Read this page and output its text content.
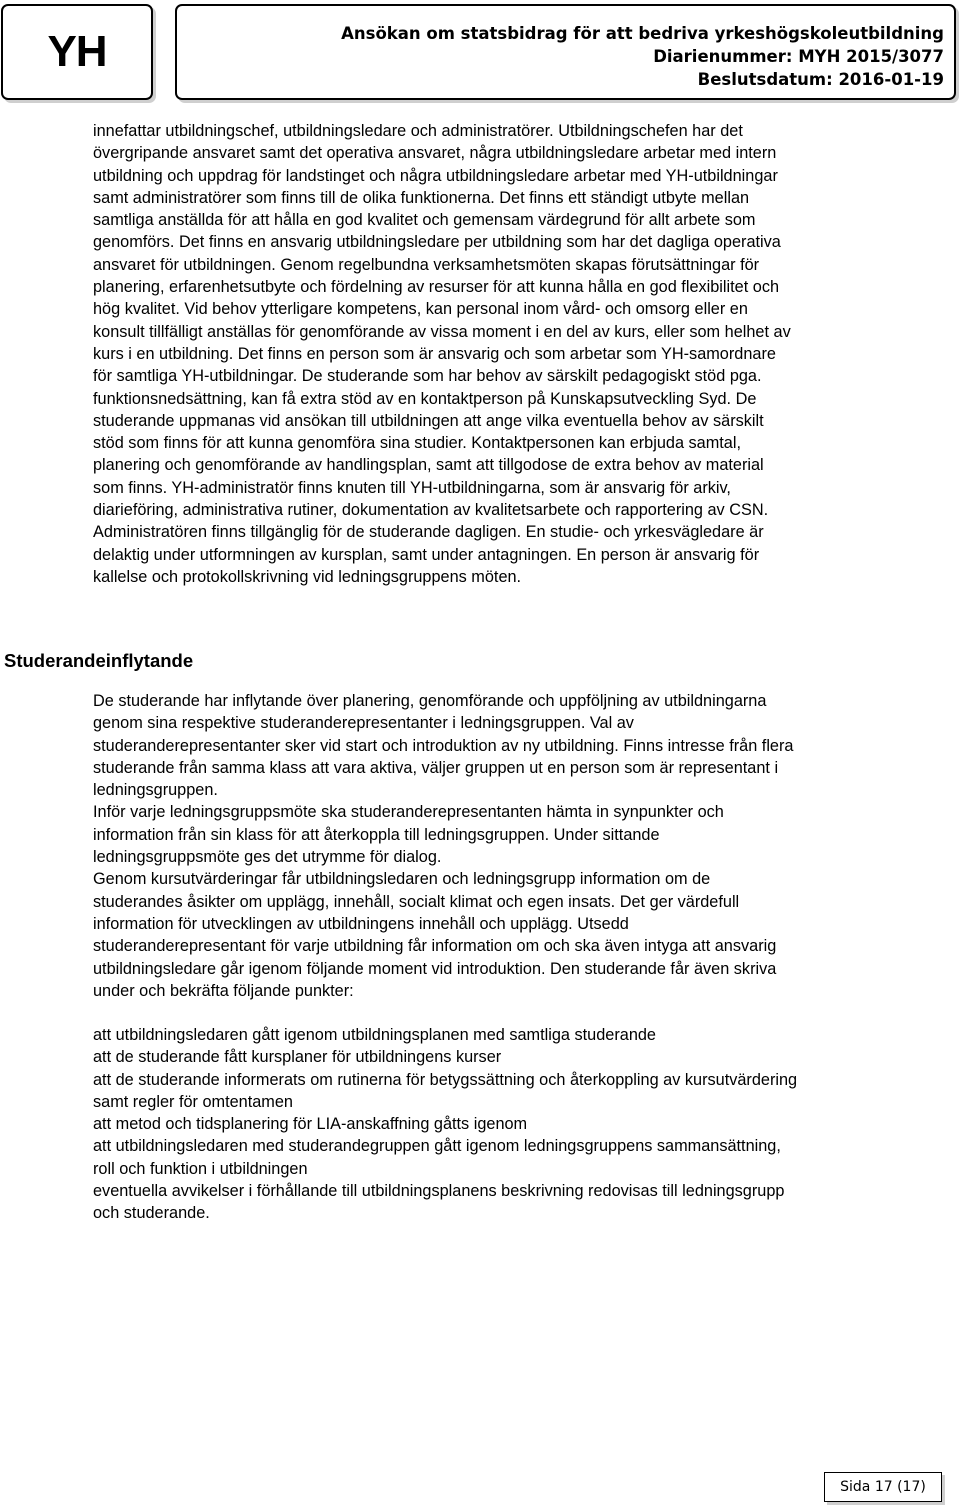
YH	Ansökan om statsbidrag för att bedriva yrkeshögskoleutbildning
Diarienummer: MYH 2015/3077
Beslutsdatum: 2016-01-19

innefattar utbildningschef, utbildningsledare och administratörer. Utbildningschefen har det

övergripande ansvaret samt det operativa ansvaret, några utbildningsledare arbetar med intern

utbildning och uppdrag för landstinget och några utbildningsledare arbetar med YH-utbildningar

samt administratörer som finns till de olika funktionerna. Det finns ett ständigt utbyte mellan

samtliga anställda för att hålla en god kvalitet och gemensam värdegrund för allt arbete som

genomförs. Det finns en ansvarig utbildningsledare per utbildning som har det dagliga operativa

ansvaret för utbildningen. Genom regelbundna verksamhetsmöten skapas förutsättningar för

planering, erfarenhetsutbyte och fördelning av resurser för att kunna hålla en god flexibilitet och

hög kvalitet. Vid behov ytterligare kompetens, kan personal inom vård- och omsorg eller en

konsult tillfälligt anställas för genomförande av vissa moment i en del av kurs, eller som helhet av

kurs i en utbildning. Det finns en person som är ansvarig och som arbetar som YH-samordnare

för samtliga YH-utbildningar. De studerande som har behov av särskilt pedagogiskt stöd pga.

funktionsnedsättning, kan få extra stöd av en kontaktperson på Kunskapsutveckling Syd. De

studerande uppmanas vid ansökan till utbildningen att ange vilka eventuella behov av särskilt

stöd som finns för att kunna genomföra sina studier. Kontaktpersonen kan erbjuda samtal,

planering och genomförande av handlingsplan, samt att tillgodose de extra behov av material

som finns. YH-administratör finns knuten till YH-utbildningarna, som är ansvarig för arkiv,

diarieföring, administrativa rutiner, dokumentation av kvalitetsarbete och rapportering av CSN.

Administratören finns tillgänglig för de studerande dagligen. En studie- och yrkesvägledare är

delaktig under utformningen av kursplan, samt under antagningen. En person är ansvarig för

kallelse och protokollskrivning vid ledningsgruppens möten.

Studerandeinflytande

De studerande har inflytande över planering, genomförande och uppföljning av utbildningarna

genom sina respektive studeranderepresentanter i ledningsgruppen. Val av

studeranderepresentanter sker vid start och introduktion av ny utbildning. Finns intresse från flera

studerande från samma klass att vara aktiva, väljer gruppen ut en person som är representant i

ledningsgruppen.

Inför varje ledningsgruppsmöte ska studeranderepresentanten hämta in synpunkter och

information från sin klass för att återkoppla till ledningsgruppen. Under sittande

ledningsgruppsmöte ges det utrymme för dialog.

Genom kursutvärderingar får utbildningsledaren och ledningsgrupp information om de

studerandes åsikter om upplägg, innehåll, socialt klimat och egen insats. Det ger värdefull

information för utvecklingen av utbildningens innehåll och upplägg. Utsedd

studeranderepresentant för varje utbildning får information om och ska även intyga att ansvarig

utbildningsledare går igenom följande moment vid introduktion. Den studerande får även skriva

under och bekräfta följande punkter:

att utbildningsledaren gått igenom utbildningsplanen med samtliga studerande

att de studerande fått kursplaner för utbildningens kurser

att de studerande informerats om rutinerna för betygssättning och återkoppling av kursutvärdering

samt regler för omtentamen

att metod och tidsplanering för LIA-anskaffning gåtts igenom

att utbildningsledaren med studerandegruppen gått igenom ledningsgruppens sammansättning,

roll och funktion i utbildningen

eventuella avvikelser i förhållande till utbildningsplanens beskrivning redovisas till ledningsgrupp

och studerande.

Sida 17 (17)
